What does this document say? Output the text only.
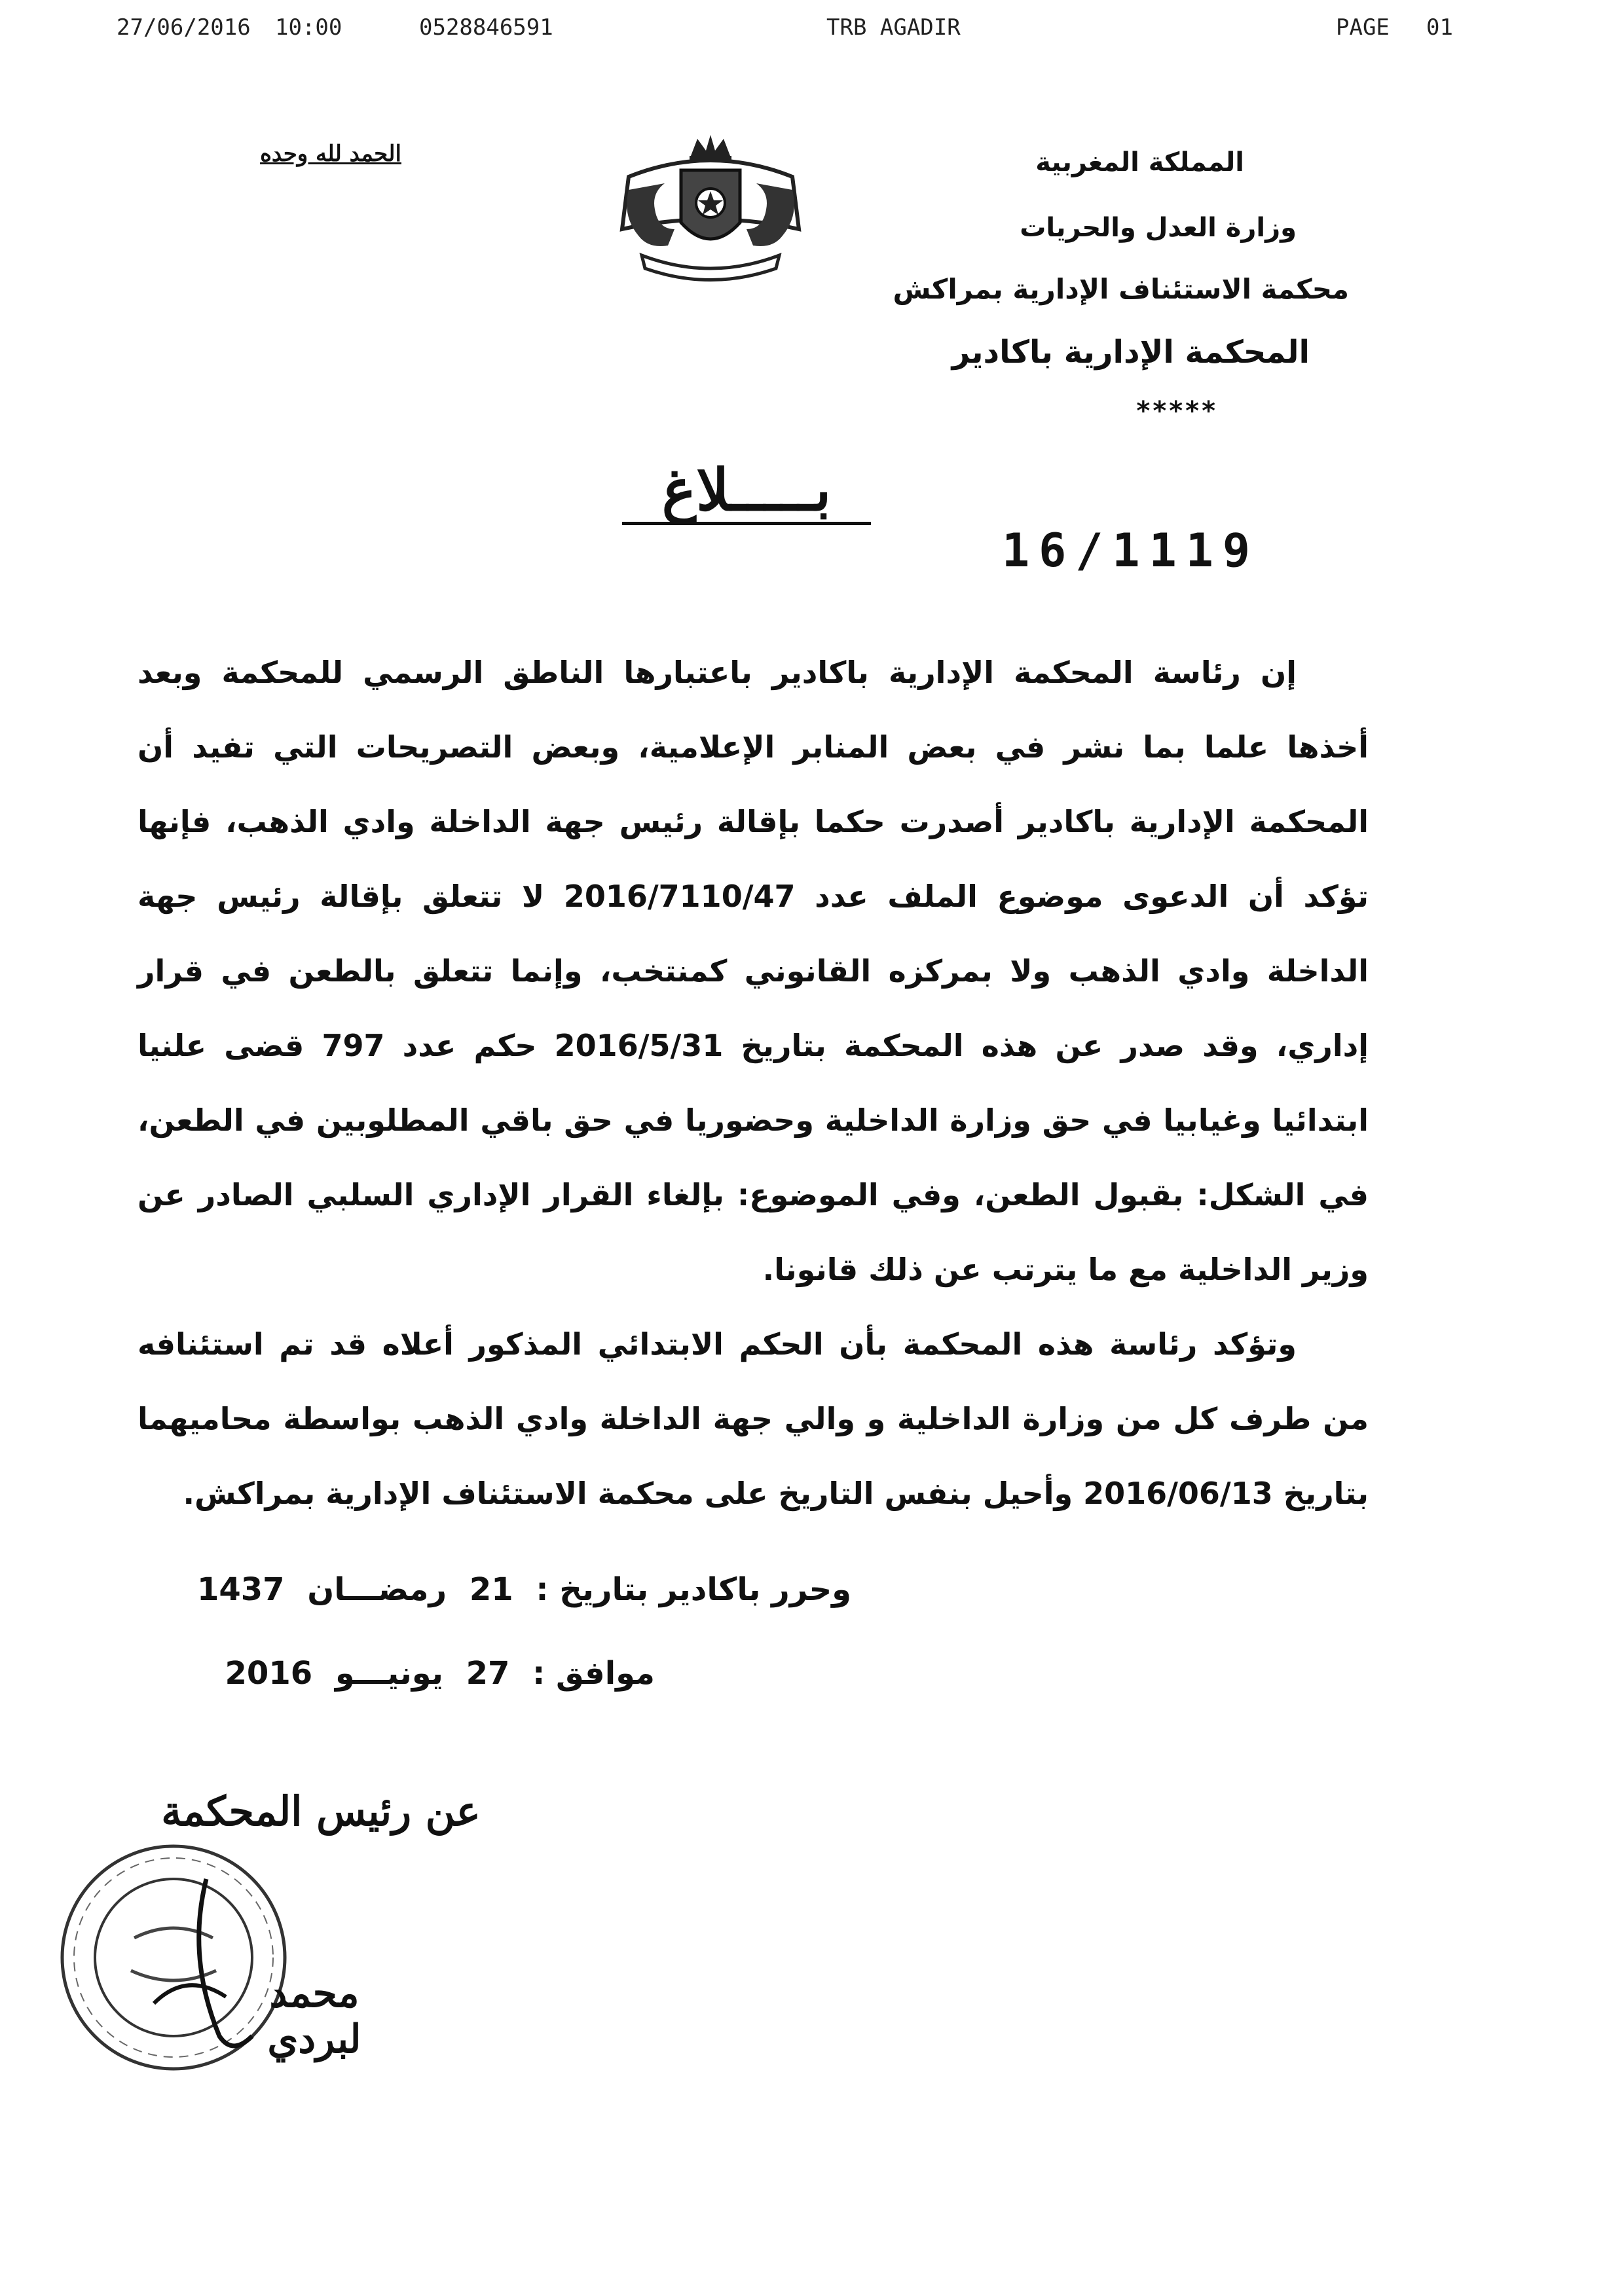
27/06/2016 10:00	0528846591	TRB AGADIR	PAGE 01
الحمد لله وحده	المملكة المغربية
وزارة العدل والحريات
محكمة الاستئناف الإدارية بمراكش
المحكمة الإدارية باكادير
*****
بـــــلاغ
16/1119

إن رئاسة المحكمة الإدارية باكادير باعتبارها الناطق الرسمي للمحكمة وبعد أخذها علما بما نشر في بعض المنابر الإعلامية، وبعض التصريحات التي تفيد أن المحكمة الإدارية باكادير أصدرت حكما بإقالة رئيس جهة الداخلة وادي الذهب، فإنها تؤكد أن الدعوى موضوع الملف عدد 2016/7110/47 لا تتعلق بإقالة رئيس جهة الداخلة وادي الذهب ولا بمركزه القانوني كمنتخب، وإنما تتعلق بالطعن في قرار إداري، وقد صدر عن هذه المحكمة بتاريخ 2016/5/31 حكم عدد 797 قضى علنيا ابتدائيا وغيابيا في حق وزارة الداخلية وحضوريا في حق باقي المطلوبين في الطعن، في الشكل: بقبول الطعن، وفي الموضوع: بإلغاء القرار الإداري السلبي الصادر عن وزير الداخلية مع ما يترتب عن ذلك قانونا.

وتؤكد رئاسة هذه المحكمة بأن الحكم الابتدائي المذكور أعلاه قد تم استئنافه من طرف كل من وزارة الداخلية و والي جهة الداخلة وادي الذهب بواسطة محاميهما بتاريخ 2016/06/13 وأحيل بنفس التاريخ على محكمة الاستئناف الإدارية بمراكش.

وحرر باكادير بتاريخ : 21 رمضـــان 1437
موافق : 27 يونيـــو 2016
عن رئيس المحكمة
محمد لبردي
